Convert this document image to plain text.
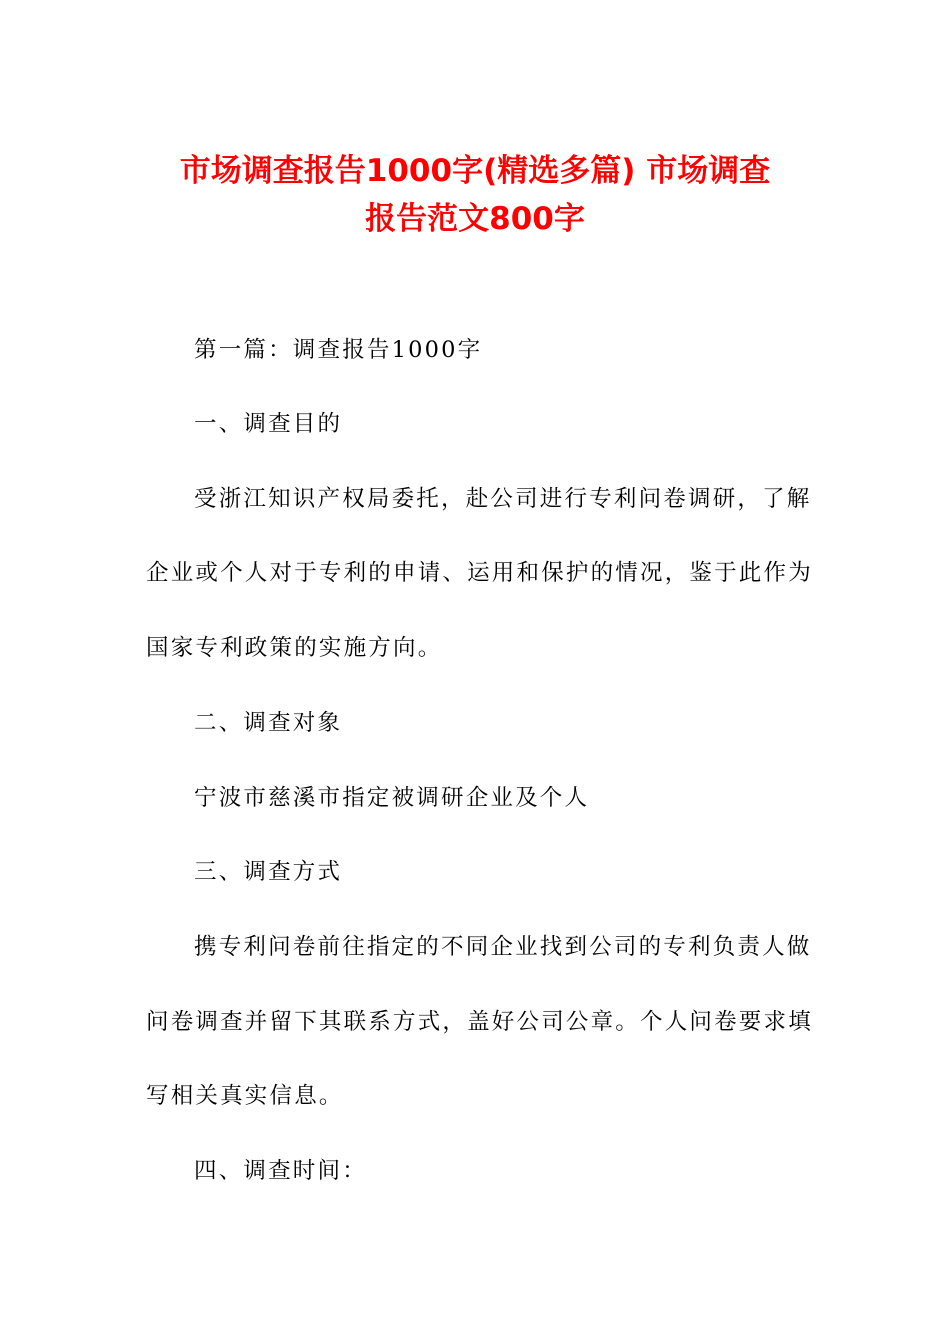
市场调查报告1000字(精选多篇) 市场调查
报告范文800字
第一篇：调查报告1000字
一、调查目的
受浙江知识产权局委托，赴公司进行专利问卷调研，了解
企业或个人对于专利的申请、运用和保护的情况，鉴于此作为
国家专利政策的实施方向。
二、调查对象
宁波市慈溪市指定被调研企业及个人
三、调查方式
携专利问卷前往指定的不同企业找到公司的专利负责人做
问卷调查并留下其联系方式，盖好公司公章。个人问卷要求填
写相关真实信息。
四、调查时间：
